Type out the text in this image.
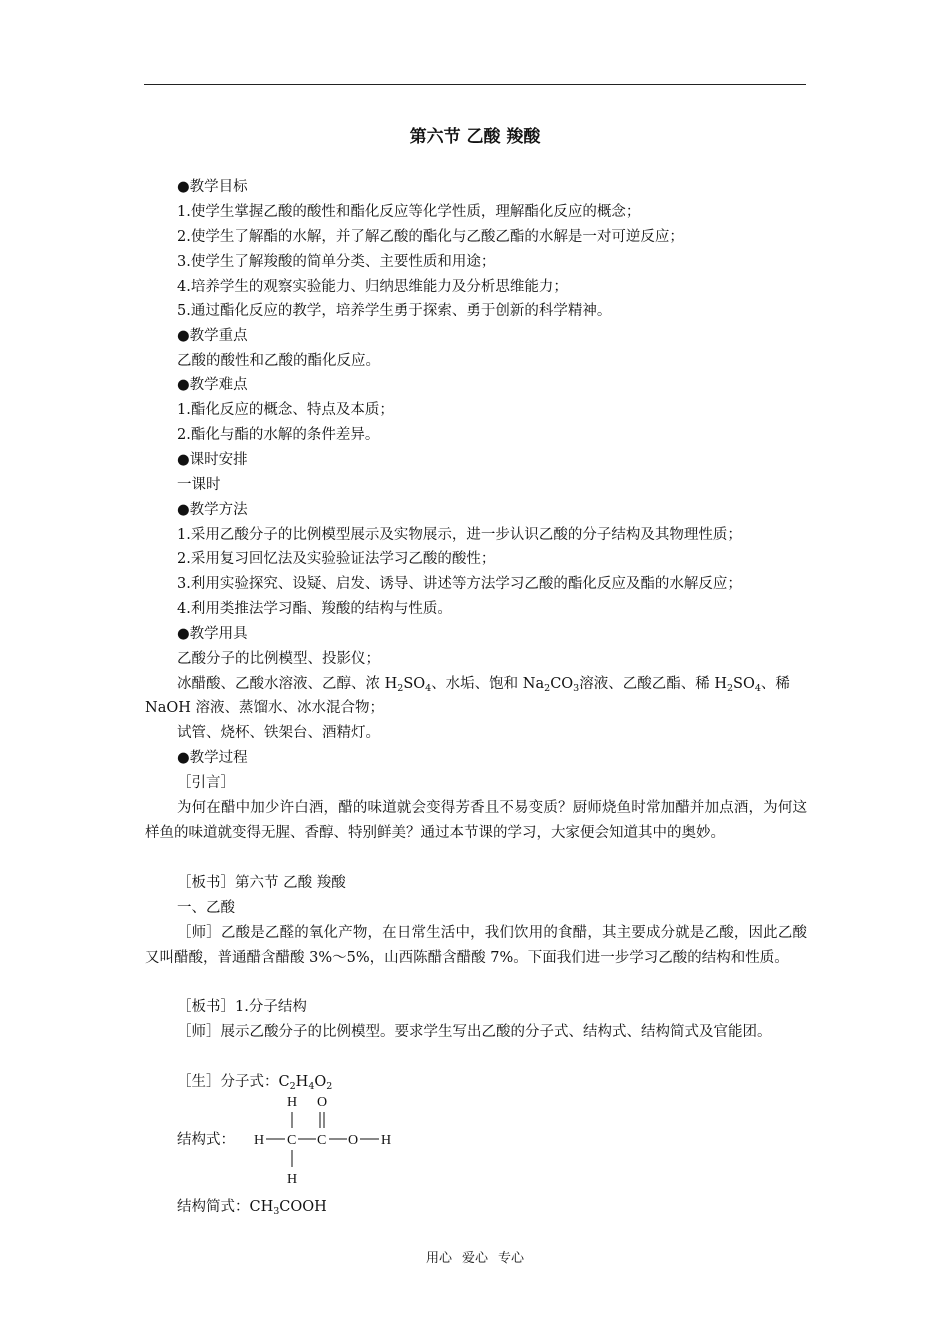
第六节 乙酸 羧酸
●教学目标
1.使学生掌握乙酸的酸性和酯化反应等化学性质，理解酯化反应的概念；
2.使学生了解酯的水解，并了解乙酸的酯化与乙酸乙酯的水解是一对可逆反应；
3.使学生了解羧酸的简单分类、主要性质和用途；
4.培养学生的观察实验能力、归纳思维能力及分析思维能力；
5.通过酯化反应的教学，培养学生勇于探索、勇于创新的科学精神。
●教学重点
乙酸的酸性和乙酸的酯化反应。
●教学难点
1.酯化反应的概念、特点及本质；
2.酯化与酯的水解的条件差异。
●课时安排
一课时
●教学方法
1.采用乙酸分子的比例模型展示及实物展示，进一步认识乙酸的分子结构及其物理性质；
2.采用复习回忆法及实验验证法学习乙酸的酸性；
3.利用实验探究、设疑、启发、诱导、讲述等方法学习乙酸的酯化反应及酯的水解反应；
4.利用类推法学习酯、羧酸的结构与性质。
●教学用具
乙酸分子的比例模型、投影仪；
冰醋酸、乙酸水溶液、乙醇、浓 $H_2SO_4$、水垢、饱和 $Na_2CO_3$溶液、乙酸乙酯、稀 $H_2SO_4$、稀
NaOH 溶液、蒸馏水、冰水混合物；
试管、烧杯、铁架台、酒精灯。
●教学过程
［引言］
为何在醋中加少许白酒，醋的味道就会变得芳香且不易变质？厨师烧鱼时常加醋并加点酒，为何这样鱼的味道就变得无腥、香醇、特别鲜美？通过本节课的学习，大家便会知道其中的奥妙。
［板书］第六节 乙酸 羧酸
一、乙酸
［师］乙酸是乙醛的氧化产物，在日常生活中，我们饮用的食醋，其主要成分就是乙酸，因此乙酸又叫醋酸，普通醋含醋酸 3%～5%，山西陈醋含醋酸 7%。下面我们进一步学习乙酸的结构和性质。
［板书］1.分子结构
［师］展示乙酸分子的比例模型。要求学生写出乙酸的分子式、结构式、结构简式及官能团。
［生］分子式：$C_2H_4O_2$
结构式：
H O
H C C O H
H
结构简式：$CH_3COOH$
用心 爱心 专心
